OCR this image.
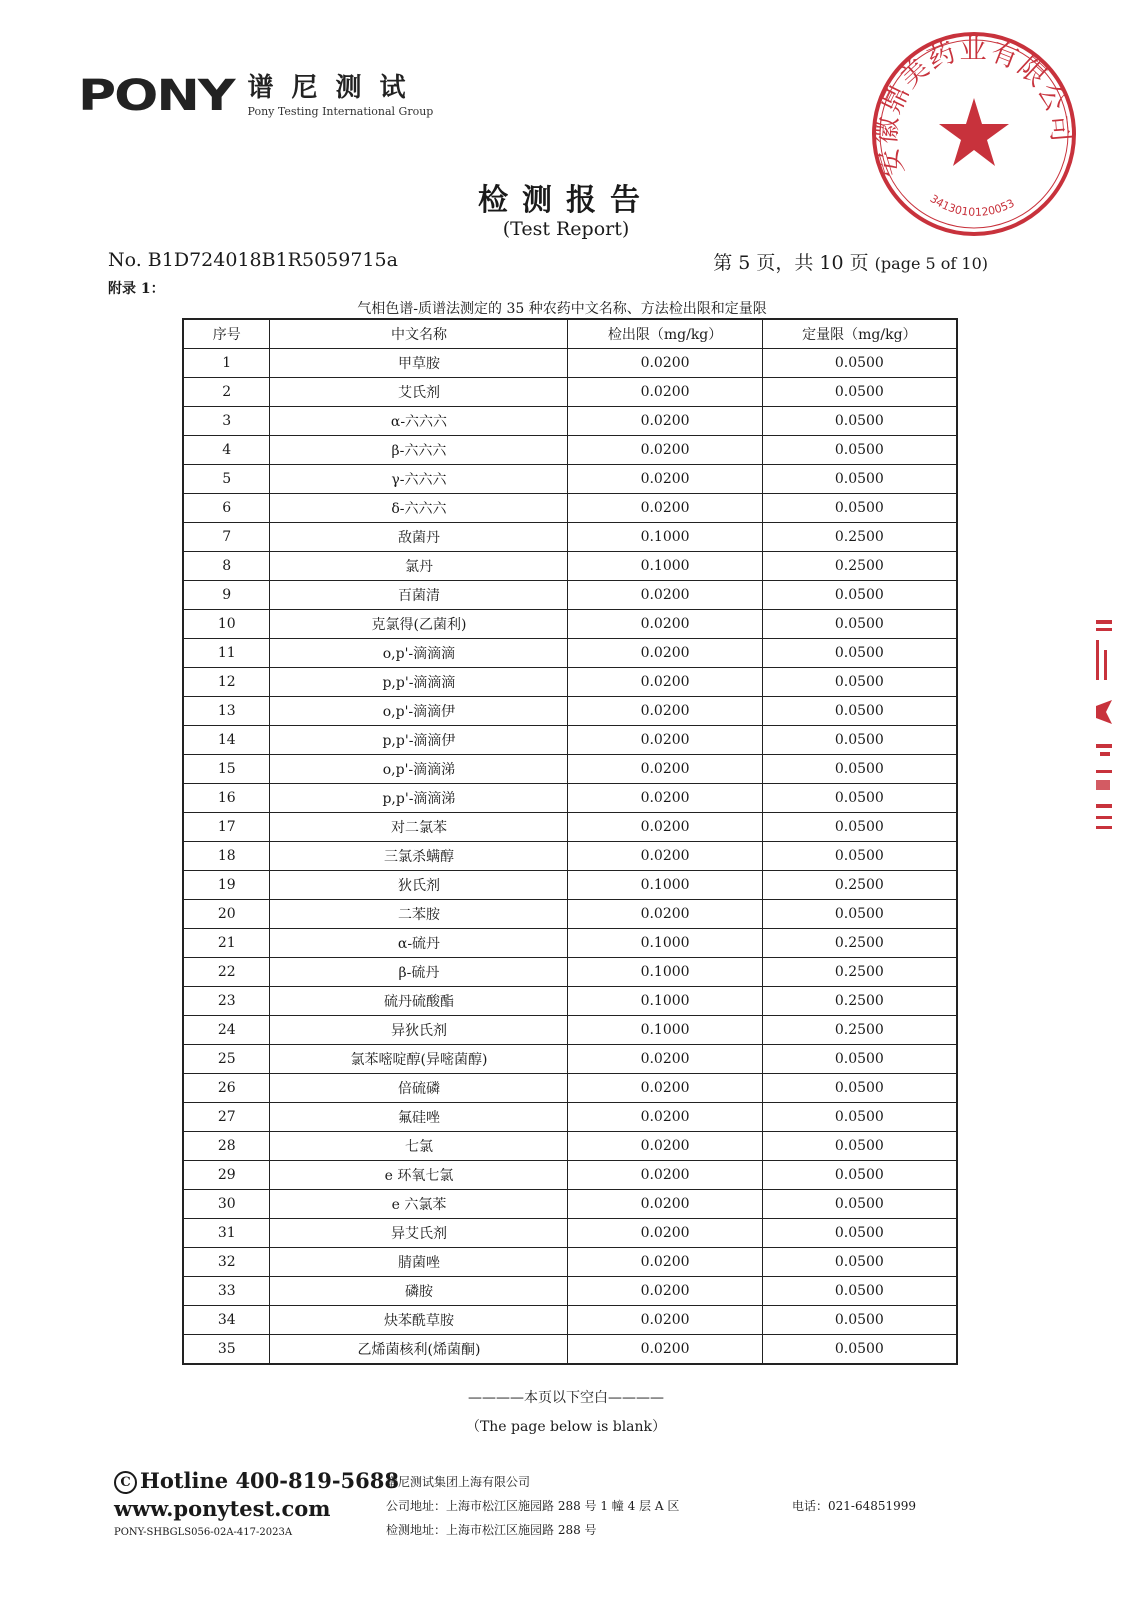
PONY 谱尼测试
Pony Testing International Group
安徽鼎美药业有限公司
3413010120053
检测报告
(Test Report)
No. B1D724018B1R5059715a	第 5 页，共 10 页 (page 5 of 10)
附录 1：
气相色谱-质谱法测定的 35 种农药中文名称、方法检出限和定量限
序号	中文名称	检出限（mg/kg）	定量限（mg/kg）
1	甲草胺	0.0200	0.0500
2	艾氏剂	0.0200	0.0500
3	α-六六六	0.0200	0.0500
4	β-六六六	0.0200	0.0500
5	γ-六六六	0.0200	0.0500
6	δ-六六六	0.0200	0.0500
7	敌菌丹	0.1000	0.2500
8	氯丹	0.1000	0.2500
9	百菌清	0.0200	0.0500
10	克氯得(乙菌利)	0.0200	0.0500
11	o,p'-滴滴滴	0.0200	0.0500
12	p,p'-滴滴滴	0.0200	0.0500
13	o,p'-滴滴伊	0.0200	0.0500
14	p,p'-滴滴伊	0.0200	0.0500
15	o,p'-滴滴涕	0.0200	0.0500
16	p,p'-滴滴涕	0.0200	0.0500
17	对二氯苯	0.0200	0.0500
18	三氯杀螨醇	0.0200	0.0500
19	狄氏剂	0.1000	0.2500
20	二苯胺	0.0200	0.0500
21	α-硫丹	0.1000	0.2500
22	β-硫丹	0.1000	0.2500
23	硫丹硫酸酯	0.1000	0.2500
24	异狄氏剂	0.1000	0.2500
25	氯苯嘧啶醇(异嘧菌醇)	0.0200	0.0500
26	倍硫磷	0.0200	0.0500
27	氟硅唑	0.0200	0.0500
28	七氯	0.0200	0.0500
29	e 环氧七氯	0.0200	0.0500
30	e 六氯苯	0.0200	0.0500
31	异艾氏剂	0.0200	0.0500
32	腈菌唑	0.0200	0.0500
33	磷胺	0.0200	0.0500
34	炔苯酰草胺	0.0200	0.0500
35	乙烯菌核利(烯菌酮)	0.0200	0.0500
————本页以下空白————
（The page below is blank）
C Hotline 400-819-5688
www.ponytest.com
PONY-SHBGLS056-02A-417-2023A
谱尼测试集团上海有限公司
公司地址：上海市松江区施园路 288 号 1 幢 4 层 A 区
检测地址：上海市松江区施园路 288 号
电话：021-64851999
